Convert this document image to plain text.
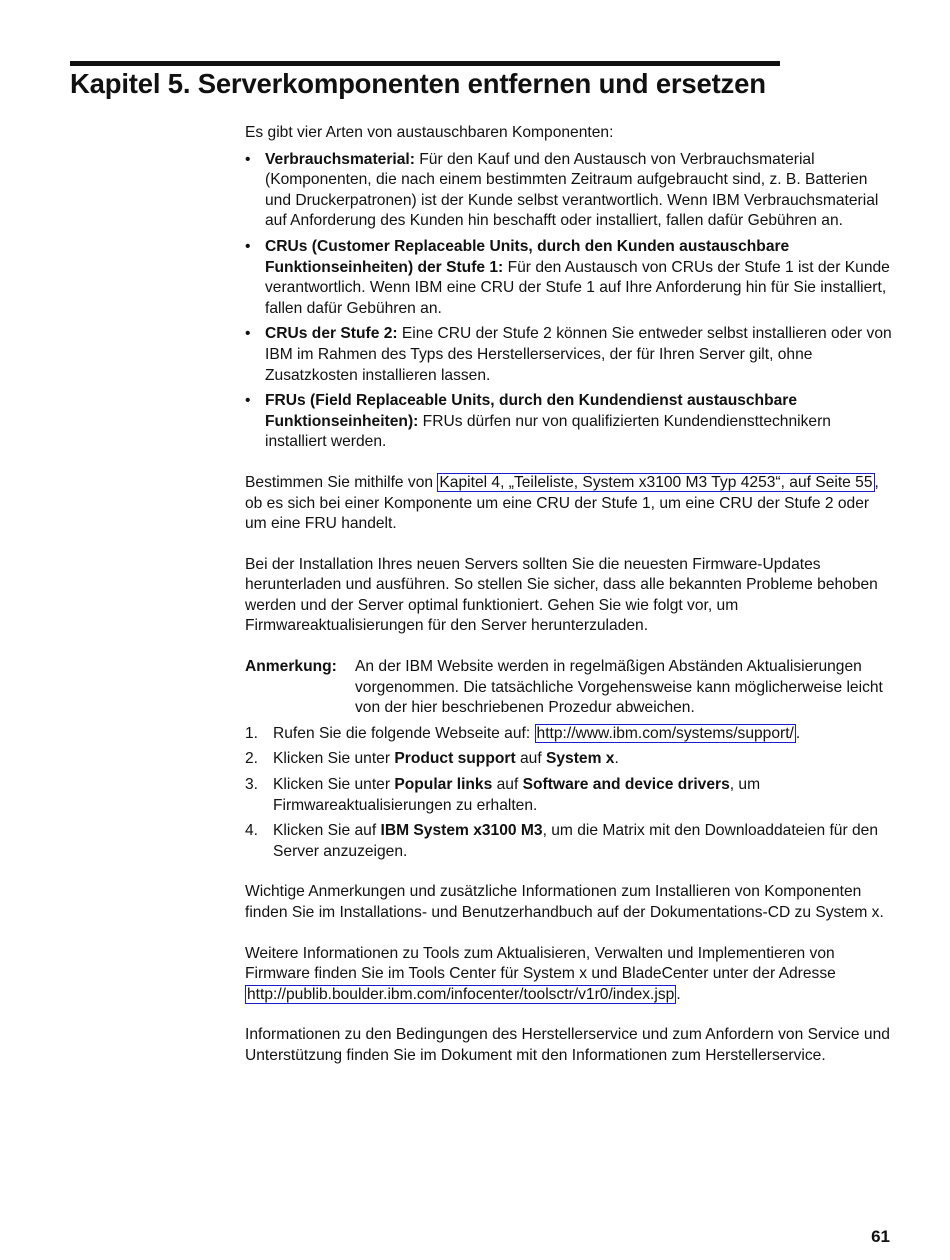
Kapitel 5. Serverkomponenten entfernen und ersetzen

Es gibt vier Arten von austauschbaren Komponenten:

• Verbrauchsmaterial: Für den Kauf und den Austausch von Verbrauchsmaterial (Komponenten, die nach einem bestimmten Zeitraum aufgebraucht sind, z. B. Batterien und Druckerpatronen) ist der Kunde selbst verantwortlich. Wenn IBM Verbrauchsmaterial auf Anforderung des Kunden hin beschafft oder installiert, fallen dafür Gebühren an.
• CRUs (Customer Replaceable Units, durch den Kunden austauschbare Funktionseinheiten) der Stufe 1: Für den Austausch von CRUs der Stufe 1 ist der Kunde verantwortlich. Wenn IBM eine CRU der Stufe 1 auf Ihre Anforderung hin für Sie installiert, fallen dafür Gebühren an.
• CRUs der Stufe 2: Eine CRU der Stufe 2 können Sie entweder selbst installieren oder von IBM im Rahmen des Typs des Herstellerservices, der für Ihren Server gilt, ohne Zusatzkosten installieren lassen.
• FRUs (Field Replaceable Units, durch den Kundendienst austauschbare Funktionseinheiten): FRUs dürfen nur von qualifizierten Kundendiensttechnikern installiert werden.

Bestimmen Sie mithilfe von Kapitel 4, „Teileliste, System x3100 M3 Typ 4253“, auf Seite 55 , ob es sich bei einer Komponente um eine CRU der Stufe 1, um eine CRU der Stufe 2 oder um eine FRU handelt.

Bei der Installation Ihres neuen Servers sollten Sie die neuesten Firmware-Updates herunterladen und ausführen. So stellen Sie sicher, dass alle bekannten Probleme behoben werden und der Server optimal funktioniert. Gehen Sie wie folgt vor, um Firmwareaktualisierungen für den Server herunterzuladen.

Anmerkung: An der IBM Website werden in regelmäßigen Abständen Aktualisierungen vorgenommen. Die tatsächliche Vorgehensweise kann möglicherweise leicht von der hier beschriebenen Prozedur abweichen.
1. Rufen Sie die folgende Webseite auf: http://www.ibm.com/systems/support/ .
2. Klicken Sie unter Product support auf System x.
3. Klicken Sie unter Popular links auf Software and device drivers, um Firmwareaktualisierungen zu erhalten.
4. Klicken Sie auf IBM System x3100 M3, um die Matrix mit den Downloaddateien für den Server anzuzeigen.

Wichtige Anmerkungen und zusätzliche Informationen zum Installieren von Komponenten finden Sie im Installations- und Benutzerhandbuch auf der Dokumentations-CD zu System x.

Weitere Informationen zu Tools zum Aktualisieren, Verwalten und Implementieren von Firmware finden Sie im Tools Center für System x und BladeCenter unter der Adresse http://publib.boulder.ibm.com/infocenter/toolsctr/v1r0/index.jsp .

Informationen zu den Bedingungen des Herstellerservice und zum Anfordern von Service und Unterstützung finden Sie im Dokument mit den Informationen zum Herstellerservice.

61
